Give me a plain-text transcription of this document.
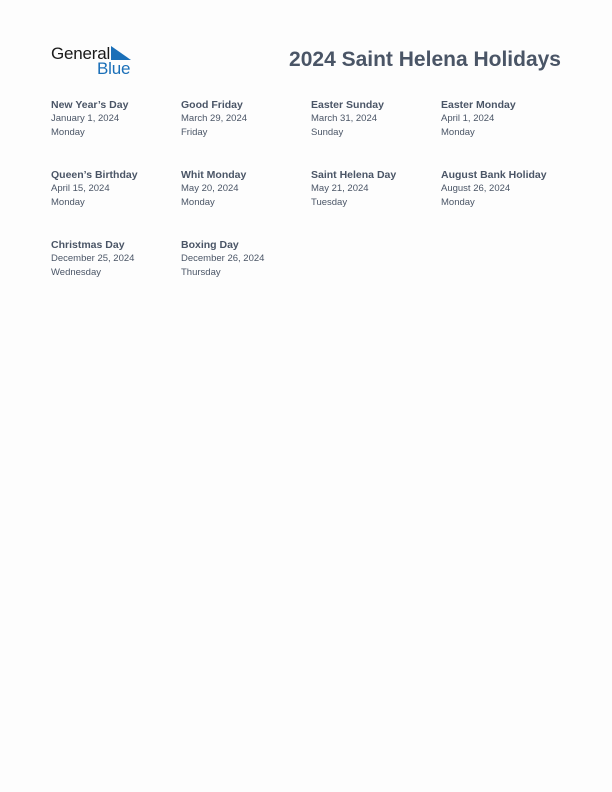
General
Blue	2024 Saint Helena Holidays
New Year’s Day
January 1, 2024
Monday
Good Friday
March 29, 2024
Friday
Easter Sunday
March 31, 2024
Sunday
Easter Monday
April 1, 2024
Monday
Queen’s Birthday
April 15, 2024
Monday
Whit Monday
May 20, 2024
Monday
Saint Helena Day
May 21, 2024
Tuesday
August Bank Holiday
August 26, 2024
Monday
Christmas Day
December 25, 2024
Wednesday
Boxing Day
December 26, 2024
Thursday
